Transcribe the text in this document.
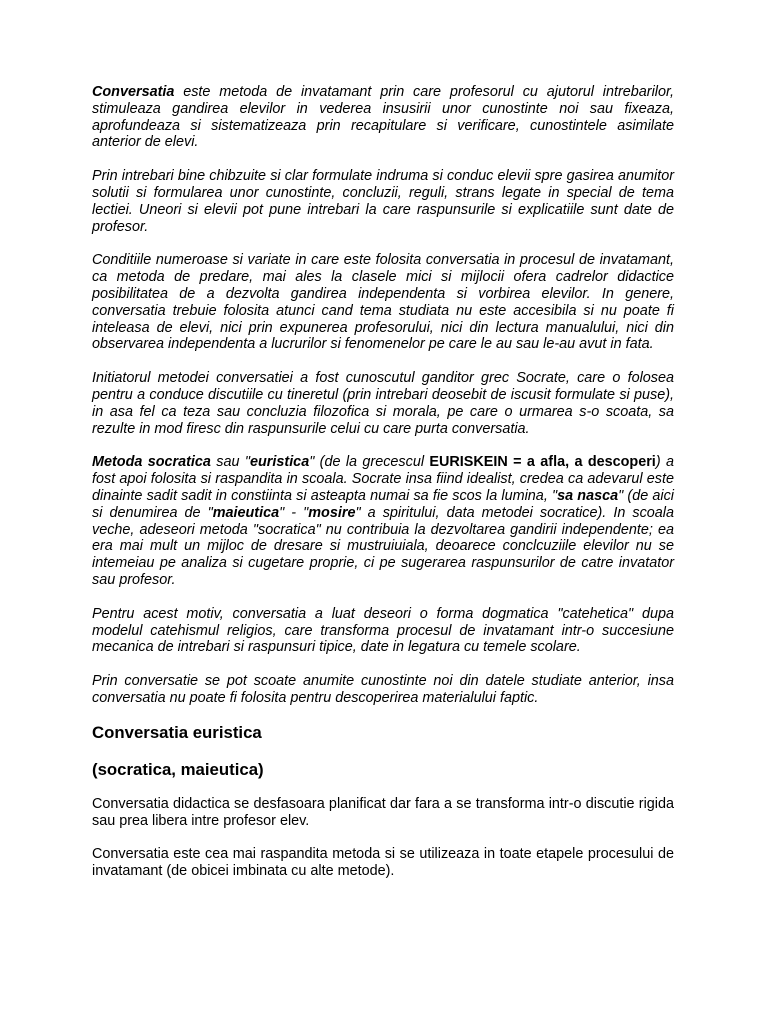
Conversatia este metoda de invatamant prin care profesorul cu ajutorul intrebarilor, stimuleaza gandirea elevilor in vederea insusirii unor cunostinte noi sau fixeaza, aprofundeaza si sistematizeaza prin recapitulare si verificare, cunostintele asimilate anterior de elevi.

Prin intrebari bine chibzuite si clar formulate indruma si conduc elevii spre gasirea anumitor solutii si formularea unor cunostinte, concluzii, reguli, strans legate in special de tema lectiei. Uneori si elevii pot pune intrebari la care raspunsurile si explicatiile sunt date de profesor.

Conditiile numeroase si variate in care este folosita conversatia in procesul de invatamant, ca metoda de predare, mai ales la clasele mici si mijlocii ofera cadrelor didactice posibilitatea de a dezvolta gandirea independenta si vorbirea elevilor. In genere, conversatia trebuie folosita atunci cand tema studiata nu este accesibila si nu poate fi inteleasa de elevi, nici prin expunerea profesorului, nici din lectura manualului, nici din observarea independenta a lucrurilor si fenomenelor pe care le au sau le-au avut in fata.

Initiatorul metodei conversatiei a fost cunoscutul ganditor grec Socrate, care o folosea pentru a conduce discutiile cu tineretul (prin intrebari deosebit de iscusit formulate si puse), in asa fel ca teza sau concluzia filozofica si morala, pe care o urmarea s-o scoata, sa rezulte in mod firesc din raspunsurile celui cu care purta conversatia.

Metoda socratica sau "euristica" (de la grecescul EURISKEIN = a afla, a descoperi) a fost apoi folosita si raspandita in scoala. Socrate insa fiind idealist, credea ca adevarul este dinainte sadit sadit in constiinta si asteapta numai sa fie scos la lumina, "sa nasca" (de aici si denumirea de "maieutica" - "mosire" a spiritului, data metodei socratice). In scoala veche, adeseori metoda "socratica" nu contribuia la dezvoltarea gandirii independente; ea era mai mult un mijloc de dresare si mustruiuiala, deoarece conclcuziile elevilor nu se intemeiau pe analiza si cugetare proprie, ci pe sugerarea raspunsurilor de catre invatator sau profesor.

Pentru acest motiv, conversatia a luat deseori o forma dogmatica "catehetica" dupa modelul catehismul religios, care transforma procesul de invatamant intr-o succesiune mecanica de intrebari si raspunsuri tipice, date in legatura cu temele scolare.

Prin conversatie se pot scoate anumite cunostinte noi din datele studiate anterior, insa conversatia nu poate fi folosita pentru descoperirea materialului faptic.

Conversatia euristica
(socratica, maieutica)

Conversatia didactica se desfasoara planificat dar fara a se transforma intr-o discutie rigida sau prea libera intre profesor elev.

Conversatia este cea mai raspandita metoda si se utilizeaza in toate etapele procesului de invatamant (de obicei imbinata cu alte metode).
